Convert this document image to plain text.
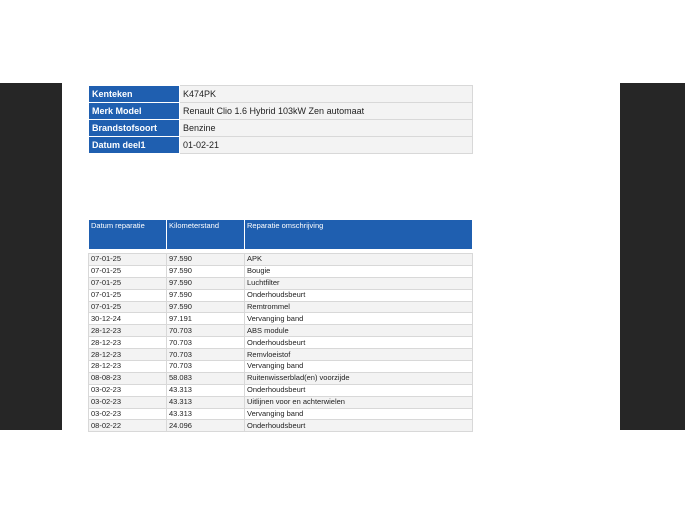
Kenteken	K474PK
Merk Model	Renault Clio 1.6 Hybrid 103kW Zen automaat
Brandstofsoort	Benzine
Datum deel1	01-02-21
Datum reparatie	Kilometerstand	Reparatie omschrijving

07-01-25	97.590	APK
07-01-25	97.590	Bougie
07-01-25	97.590	Luchtfilter
07-01-25	97.590	Onderhoudsbeurt
07-01-25	97.590	Remtrommel
30-12-24	97.191	Vervanging band
28-12-23	70.703	ABS module
28-12-23	70.703	Onderhoudsbeurt
28-12-23	70.703	Remvloeistof
28-12-23	70.703	Vervanging band
08-08-23	58.083	Ruitenwisserblad(en) voorzijde
03-02-23	43.313	Onderhoudsbeurt
03-02-23	43.313	Uitlijnen voor en achterwielen
03-02-23	43.313	Vervanging band
08-02-22	24.096	Onderhoudsbeurt
